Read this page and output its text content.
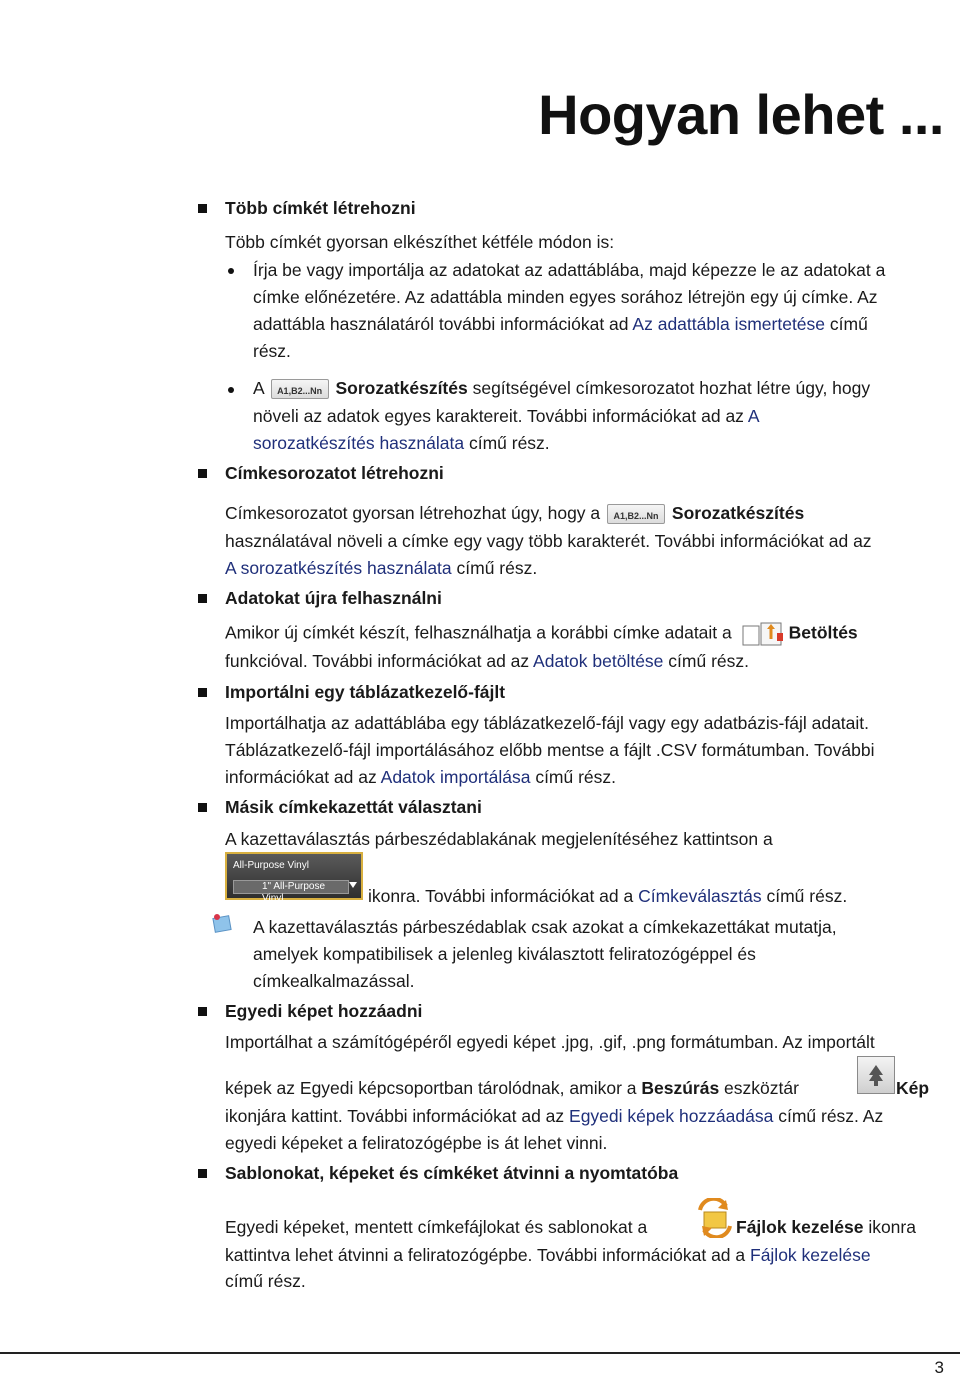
Hogyan lehet ...
Több címkét létrehozni
Több címkét gyorsan elkészíthet kétféle módon is:
Írja be vagy importálja az adatokat az adattáblába, majd képezze le az adatokat a
címke előnézetére. Az adattábla minden egyes sorához létrejön egy új címke. Az
adattábla használatáról további információkat ad Az adattábla ismertetése című
rész.
A A1,B2...Nn Sorozatkészítés segítségével címkesorozatot hozhat létre úgy, hogy
növeli az adatok egyes karaktereit. További információkat ad az A
sorozatkészítés használata című rész.
Címkesorozatot létrehozni
Címkesorozatot gyorsan létrehozhat úgy, hogy a A1,B2...Nn Sorozatkészítés
használatával növeli a címke egy vagy több karakterét. További információkat ad az
A sorozatkészítés használata című rész.
Adatokat újra felhasználni
Amikor új címkét készít, felhasználhatja a korábbi címke adatait a	Betöltés
funkcióval. További információkat ad az Adatok betöltése című rész.
Importálni egy táblázatkezelő-fájlt
Importálhatja az adattáblába egy táblázatkezelő-fájl vagy egy adatbázis-fájl adatait.
Táblázatkezelő-fájl importálásához előbb mentse a fájlt .CSV formátumban. További
információkat ad az Adatok importálása című rész.
Másik címkekazettát választani
A kazettaválasztás párbeszédablakának megjelenítéséhez kattintson a
All-Purpose Vinyl
1" All-Purpose Vinyl	ikonra. További információkat ad a Címkeválasztás című rész.
A kazettaválasztás párbeszédablak csak azokat a címkekazettákat mutatja,
amelyek kompatibilisek a jelenleg kiválasztott feliratozógéppel és
címkealkalmazással.
Egyedi képet hozzáadni
Importálhat a számítógépéről egyedi képet .jpg, .gif, .png formátumban. Az importált
képek az Egyedi képcsoportban tárolódnak, amikor a Beszúrás eszköztár	Kép
ikonjára kattint. További információkat ad az Egyedi képek hozzáadása című rész. Az
egyedi képeket a feliratozógépbe is át lehet vinni.
Sablonokat, képeket és címkéket átvinni a nyomtatóba
Egyedi képeket, mentett címkefájlokat és sablonokat a	Fájlok kezelése ikonra
kattintva lehet átvinni a feliratozógépbe. További információkat ad a Fájlok kezelése
című rész.
3
